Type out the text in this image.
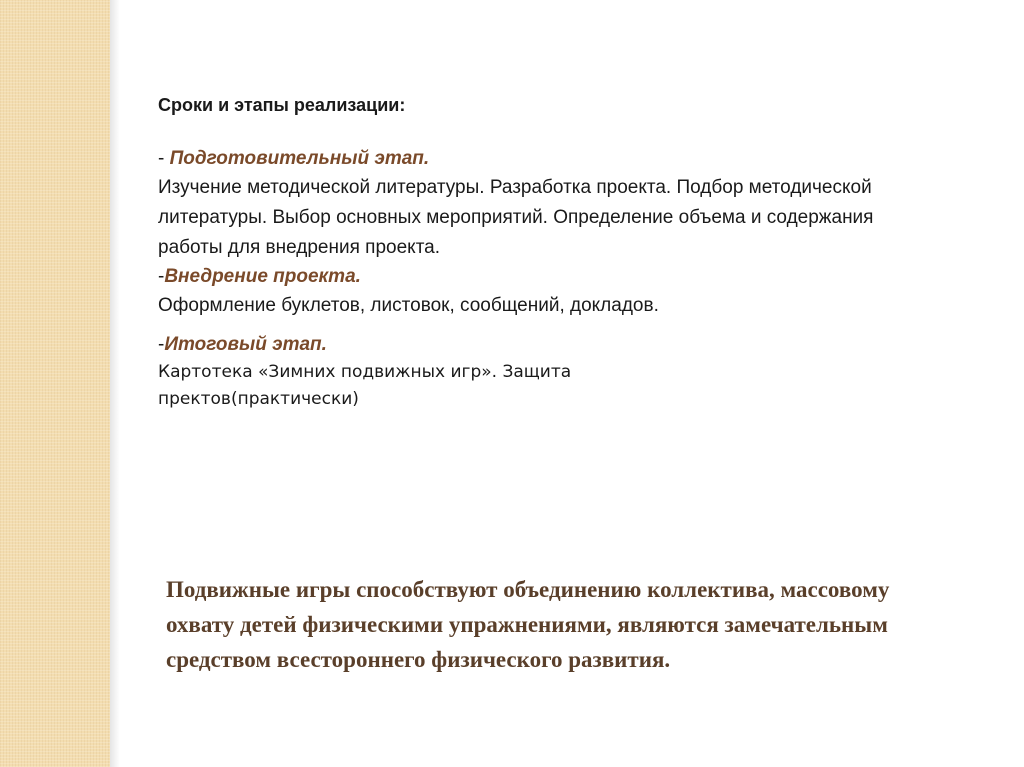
Сроки и этапы реализации:

- Подготовительный этап.

Изучение методической литературы. Разработка проекта. Подбор методической литературы. Выбор основных мероприятий. Определение объема и содержания работы для внедрения проекта.

-Внедрение проекта.

Оформление буклетов, листовок, сообщений, докладов.

-Итоговый этап.

Картотека «Зимних подвижных игр». Защита пректов(практически)

Подвижные игры способствуют объединению коллектива, массовому охвату детей физическими упражнениями, являются замечательным средством всестороннего физического развития.
